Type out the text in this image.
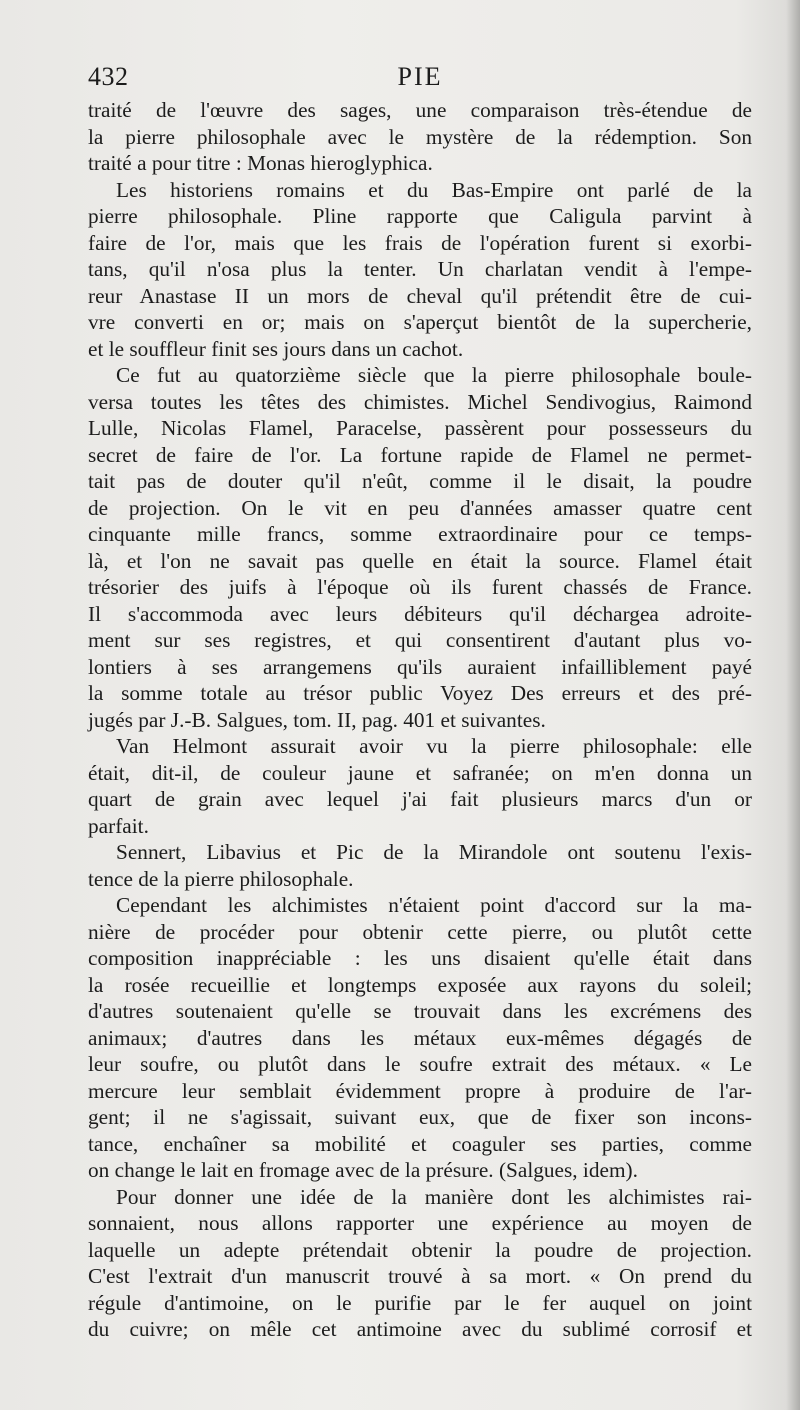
432	PIE
traité de l'œuvre des sages, une comparaison très-étendue de
la pierre philosophale avec le mystère de la rédemption. Son
traité a pour titre : Monas hieroglyphica.
Les historiens romains et du Bas-Empire ont parlé de la
pierre philosophale. Pline rapporte que Caligula parvint à
faire de l'or, mais que les frais de l'opération furent si exorbi-
tans, qu'il n'osa plus la tenter. Un charlatan vendit à l'empe-
reur Anastase II un mors de cheval qu'il prétendit être de cui-
vre converti en or; mais on s'aperçut bientôt de la supercherie,
et le souffleur finit ses jours dans un cachot.
Ce fut au quatorzième siècle que la pierre philosophale boule-
versa toutes les têtes des chimistes. Michel Sendivogius, Raimond
Lulle, Nicolas Flamel, Paracelse, passèrent pour possesseurs du
secret de faire de l'or. La fortune rapide de Flamel ne permet-
tait pas de douter qu'il n'eût, comme il le disait, la poudre
de projection. On le vit en peu d'années amasser quatre cent
cinquante mille francs, somme extraordinaire pour ce temps-
là, et l'on ne savait pas quelle en était la source. Flamel était
trésorier des juifs à l'époque où ils furent chassés de France.
Il s'accommoda avec leurs débiteurs qu'il déchargea adroite-
ment sur ses registres, et qui consentirent d'autant plus vo-
lontiers à ses arrangemens qu'ils auraient infailliblement payé
la somme totale au trésor public Voyez Des erreurs et des pré-
jugés par J.-B. Salgues, tom. II, pag. 401 et suivantes.
Van Helmont assurait avoir vu la pierre philosophale: elle
était, dit-il, de couleur jaune et safranée; on m'en donna un
quart de grain avec lequel j'ai fait plusieurs marcs d'un or
parfait.
Sennert, Libavius et Pic de la Mirandole ont soutenu l'exis-
tence de la pierre philosophale.
Cependant les alchimistes n'étaient point d'accord sur la ma-
nière de procéder pour obtenir cette pierre, ou plutôt cette
composition inappréciable : les uns disaient qu'elle était dans
la rosée recueillie et longtemps exposée aux rayons du soleil;
d'autres soutenaient qu'elle se trouvait dans les excrémens des
animaux; d'autres dans les métaux eux-mêmes dégagés de
leur soufre, ou plutôt dans le soufre extrait des métaux. « Le
mercure leur semblait évidemment propre à produire de l'ar-
gent; il ne s'agissait, suivant eux, que de fixer son incons-
tance, enchaîner sa mobilité et coaguler ses parties, comme
on change le lait en fromage avec de la présure. (Salgues, idem).
Pour donner une idée de la manière dont les alchimistes rai-
sonnaient, nous allons rapporter une expérience au moyen de
laquelle un adepte prétendait obtenir la poudre de projection.
C'est l'extrait d'un manuscrit trouvé à sa mort. « On prend du
régule d'antimoine, on le purifie par le fer auquel on joint
du cuivre; on mêle cet antimoine avec du sublimé corrosif et
